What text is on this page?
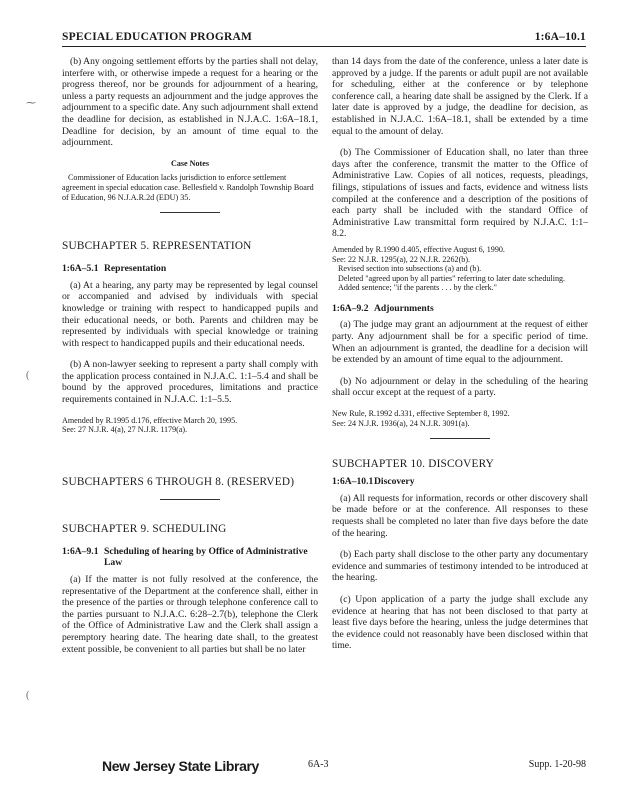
SPECIAL EDUCATION PROGRAM	1:6A–10.1
⁓
(
(

(b) Any ongoing settlement efforts by the parties shall not delay, interfere with, or otherwise impede a request for a hearing or the progress thereof, nor be grounds for adjournment of a hearing, unless a party requests an adjournment and the judge approves the adjournment to a specific date. Any such adjournment shall extend the deadline for decision, as established in N.J.A.C. 1:6A–18.1, Deadline for decision, by an amount of time equal to the adjournment.

Case Notes

Commissioner of Education lacks jurisdiction to enforce settlement agreement in special education case. Bellesfield v. Randolph Township Board of Education, 96 N.J.A.R.2d (EDU) 35.

SUBCHAPTER 5. REPRESENTATION

1:6A–5.1 Representation

(a) At a hearing, any party may be represented by legal counsel or accompanied and advised by individuals with special knowledge or training with respect to handicapped pupils and their educational needs, or both. Parents and children may be represented by individuals with special knowledge or training with respect to handicapped pupils and their educational needs.

(b) A non-lawyer seeking to represent a party shall comply with the application process contained in N.J.A.C. 1:1–5.4 and shall be bound by the approved procedures, limitations and practice requirements contained in N.J.A.C. 1:1–5.5.

Amended by R.1995 d.176, effective March 20, 1995.

See: 27 N.J.R. 4(a), 27 N.J.R. 1179(a).

SUBCHAPTERS 6 THROUGH 8. (RESERVED)

SUBCHAPTER 9. SCHEDULING

1:6A–9.1 Scheduling of hearing by Office of Administrative Law

(a) If the matter is not fully resolved at the conference, the representative of the Department at the conference shall, either in the presence of the parties or through telephone conference call to the parties pursuant to N.J.A.C. 6:28–2.7(b), telephone the Clerk of the Office of Administrative Law and the Clerk shall assign a peremptory hearing date. The hearing date shall, to the greatest extent possible, be convenient to all parties but shall be no later

than 14 days from the date of the conference, unless a later date is approved by a judge. If the parents or adult pupil are not available for scheduling, either at the conference or by telephone conference call, a hearing date shall be assigned by the Clerk. If a later date is approved by a judge, the deadline for decision, as established in N.J.A.C. 1:6A–18.1, shall be extended by a time equal to the amount of delay.

(b) The Commissioner of Education shall, no later than three days after the conference, transmit the matter to the Office of Administrative Law. Copies of all notices, requests, pleadings, filings, stipulations of issues and facts, evidence and witness lists compiled at the conference and a description of the positions of each party shall be included with the standard Office of Administrative Law transmittal form required by N.J.A.C. 1:1–8.2.

Amended by R.1990 d.405, effective August 6, 1990.

See: 22 N.J.R. 1295(a), 22 N.J.R. 2262(b).

Revised section into subsections (a) and (b).

Deleted "agreed upon by all parties" referring to later date scheduling.

Added sentence; "if the parents . . . by the clerk."

1:6A–9.2 Adjournments

(a) The judge may grant an adjournment at the request of either party. Any adjournment shall be for a specific period of time. When an adjournment is granted, the deadline for a decision will be extended by an amount of time equal to the adjournment.

(b) No adjournment or delay in the scheduling of the hearing shall occur except at the request of a party.

New Rule, R.1992 d.331, effective September 8, 1992.

See: 24 N.J.R. 1936(a), 24 N.J.R. 3091(a).

SUBCHAPTER 10. DISCOVERY

1:6A–10.1Discovery

(a) All requests for information, records or other discovery shall be made before or at the conference. All responses to these requests shall be completed no later than five days before the date of the hearing.

(b) Each party shall disclose to the other party any documentary evidence and summaries of testimony intended to be introduced at the hearing.

(c) Upon application of a party the judge shall exclude any evidence at hearing that has not been disclosed to that party at least five days before the hearing, unless the judge determines that the evidence could not reasonably have been disclosed within that time.

New Jersey State Library	6A-3	Supp. 1-20-98
